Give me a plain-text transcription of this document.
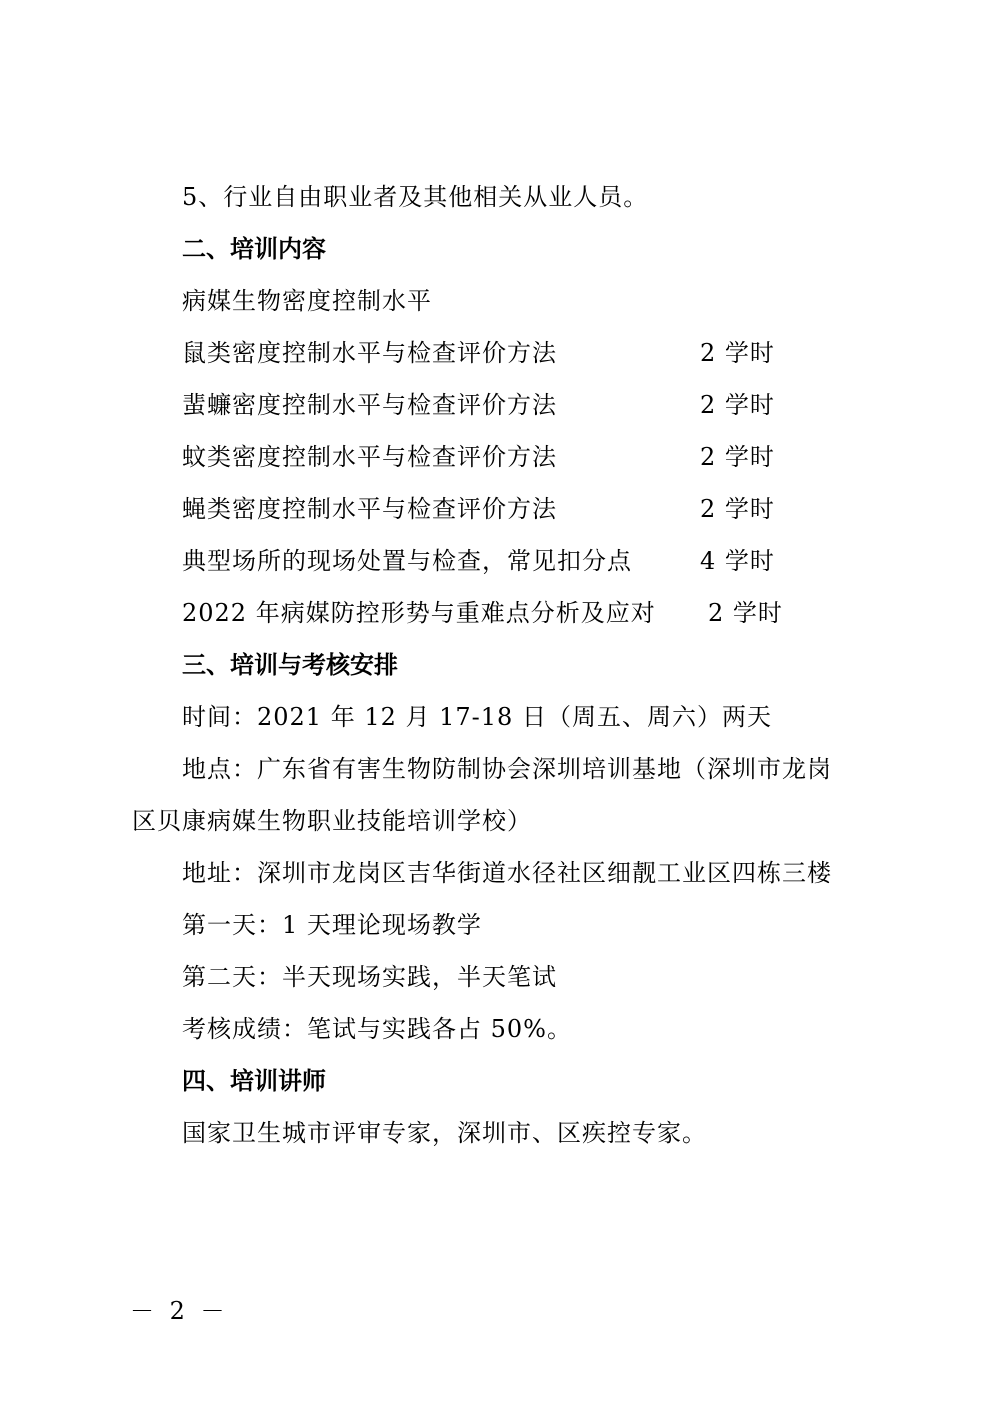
5、行业自由职业者及其他相关从业人员。
二、培训内容
病媒生物密度控制水平
鼠类密度控制水平与检查评价方法	2 学时
蜚蠊密度控制水平与检查评价方法	2 学时
蚊类密度控制水平与检查评价方法	2 学时
蝇类密度控制水平与检查评价方法	2 学时
典型场所的现场处置与检查，常见扣分点	4 学时
2022 年病媒防控形势与重难点分析及应对 2 学时
三、培训与考核安排
时间：2021 年 12 月 17-18 日（周五、周六）两天
地点：广东省有害生物防制协会深圳培训基地（深圳市龙岗
区贝康病媒生物职业技能培训学校）
地址：深圳市龙岗区吉华街道水径社区细靓工业区四栋三楼
第一天：1 天理论现场教学
第二天：半天现场实践，半天笔试
考核成绩：笔试与实践各占 50%。
四、培训讲师
国家卫生城市评审专家，深圳市、区疾控专家。
－ 2 －
